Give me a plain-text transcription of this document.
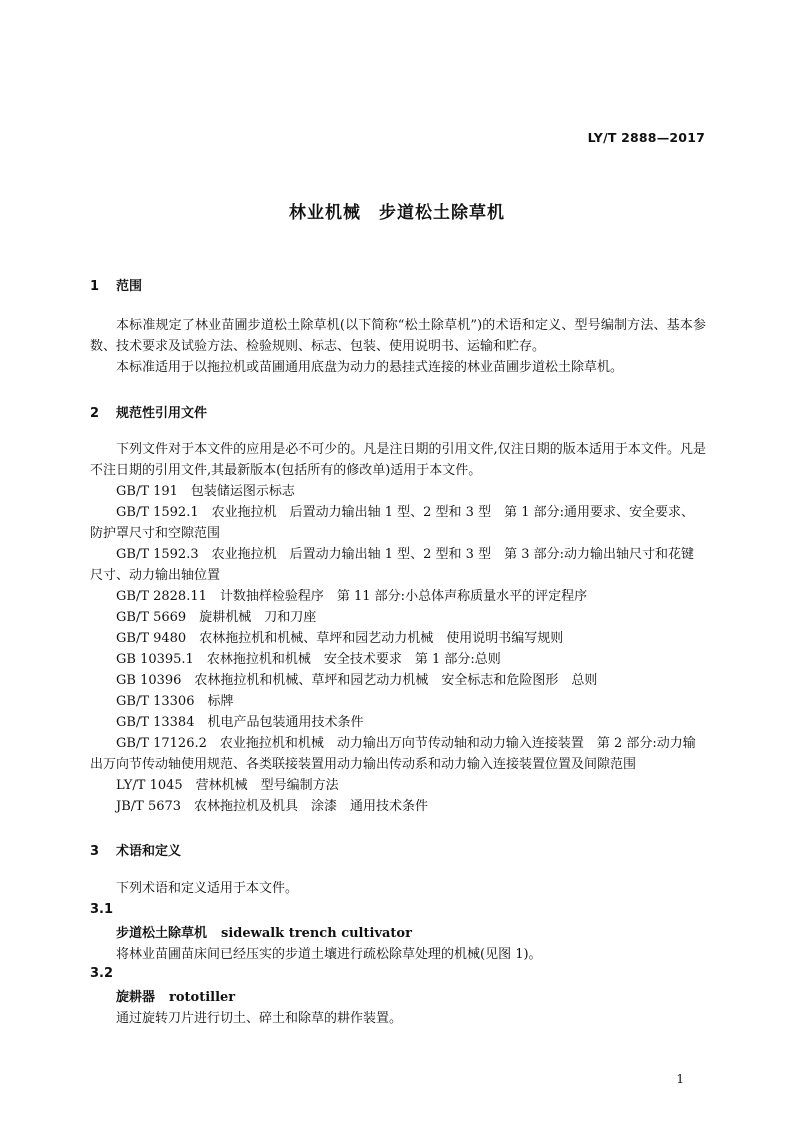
LY/T 2888—2017
林业机械　步道松土除草机
1 范围
本标准规定了林业苗圃步道松土除草机(以下简称“松土除草机”)的术语和定义、型号编制方法、基本参数、技术要求及试验方法、检验规则、标志、包装、使用说明书、运输和贮存。
本标准适用于以拖拉机或苗圃通用底盘为动力的悬挂式连接的林业苗圃步道松土除草机。
2 规范性引用文件
下列文件对于本文件的应用是必不可少的。凡是注日期的引用文件,仅注日期的版本适用于本文件。凡是不注日期的引用文件,其最新版本(包括所有的修改单)适用于本文件。
GB/T 191　包装储运图示标志
GB/T 1592.1　农业拖拉机　后置动力输出轴 1 型、2 型和 3 型　第 1 部分:通用要求、安全要求、防护罩尺寸和空隙范围
GB/T 1592.3　农业拖拉机　后置动力输出轴 1 型、2 型和 3 型　第 3 部分:动力输出轴尺寸和花键尺寸、动力输出轴位置
GB/T 2828.11　计数抽样检验程序　第 11 部分:小总体声称质量水平的评定程序
GB/T 5669　旋耕机械　刀和刀座
GB/T 9480　农林拖拉机和机械、草坪和园艺动力机械　使用说明书编写规则
GB 10395.1　农林拖拉机和机械　安全技术要求　第 1 部分:总则
GB 10396　农林拖拉机和机械、草坪和园艺动力机械　安全标志和危险图形　总则
GB/T 13306　标牌
GB/T 13384　机电产品包装通用技术条件
GB/T 17126.2　农业拖拉机和机械　动力输出万向节传动轴和动力输入连接装置　第 2 部分:动力输出万向节传动轴使用规范、各类联接装置用动力输出传动系和动力输入连接装置位置及间隙范围
LY/T 1045　营林机械　型号编制方法
JB/T 5673　农林拖拉机及机具　涂漆　通用技术条件
3 术语和定义
下列术语和定义适用于本文件。
3.1
步道松土除草机 sidewalk trench cultivator
将林业苗圃苗床间已经压实的步道土壤进行疏松除草处理的机械(见图 1)。
3.2
旋耕器 rototiller
通过旋转刀片进行切土、碎土和除草的耕作装置。
1
